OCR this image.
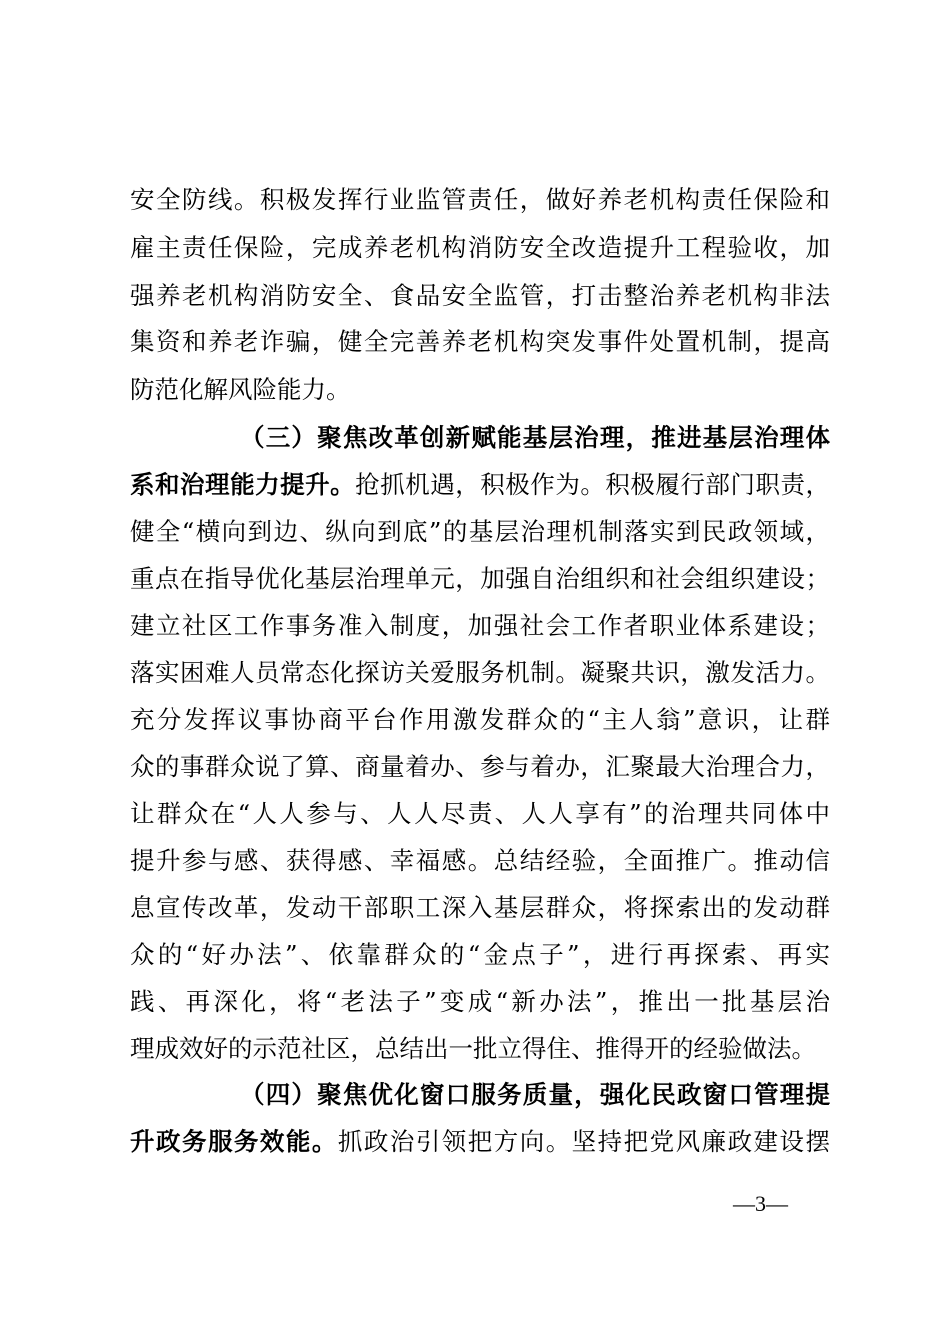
安全防线。积极发挥行业监管责任，做好养老机构责任保险和
雇主责任保险，完成养老机构消防安全改造提升工程验收，加
强养老机构消防安全、食品安全监管，打击整治养老机构非法
集资和养老诈骗，健全完善养老机构突发事件处置机制，提高
防范化解风险能力。
（三）聚焦改革创新赋能基层治理，推进基层治理体
系和治理能力提升。抢抓机遇，积极作为。积极履行部门职责，
健全“横向到边、纵向到底”的基层治理机制落实到民政领域，
重点在指导优化基层治理单元，加强自治组织和社会组织建设；
建立社区工作事务准入制度，加强社会工作者职业体系建设；
落实困难人员常态化探访关爱服务机制。凝聚共识，激发活力。
充分发挥议事协商平台作用激发群众的“主人翁”意识，让群
众的事群众说了算、商量着办、参与着办，汇聚最大治理合力，
让群众在“人人参与、人人尽责、人人享有”的治理共同体中
提升参与感、获得感、幸福感。总结经验，全面推广。推动信
息宣传改革，发动干部职工深入基层群众，将探索出的发动群
众的“好办法”、依靠群众的“金点子”，进行再探索、再实
践、再深化，将“老法子”变成“新办法”，推出一批基层治
理成效好的示范社区，总结出一批立得住、推得开的经验做法。
（四）聚焦优化窗口服务质量，强化民政窗口管理提
升政务服务效能。抓政治引领把方向。坚持把党风廉政建设摆
—3—
